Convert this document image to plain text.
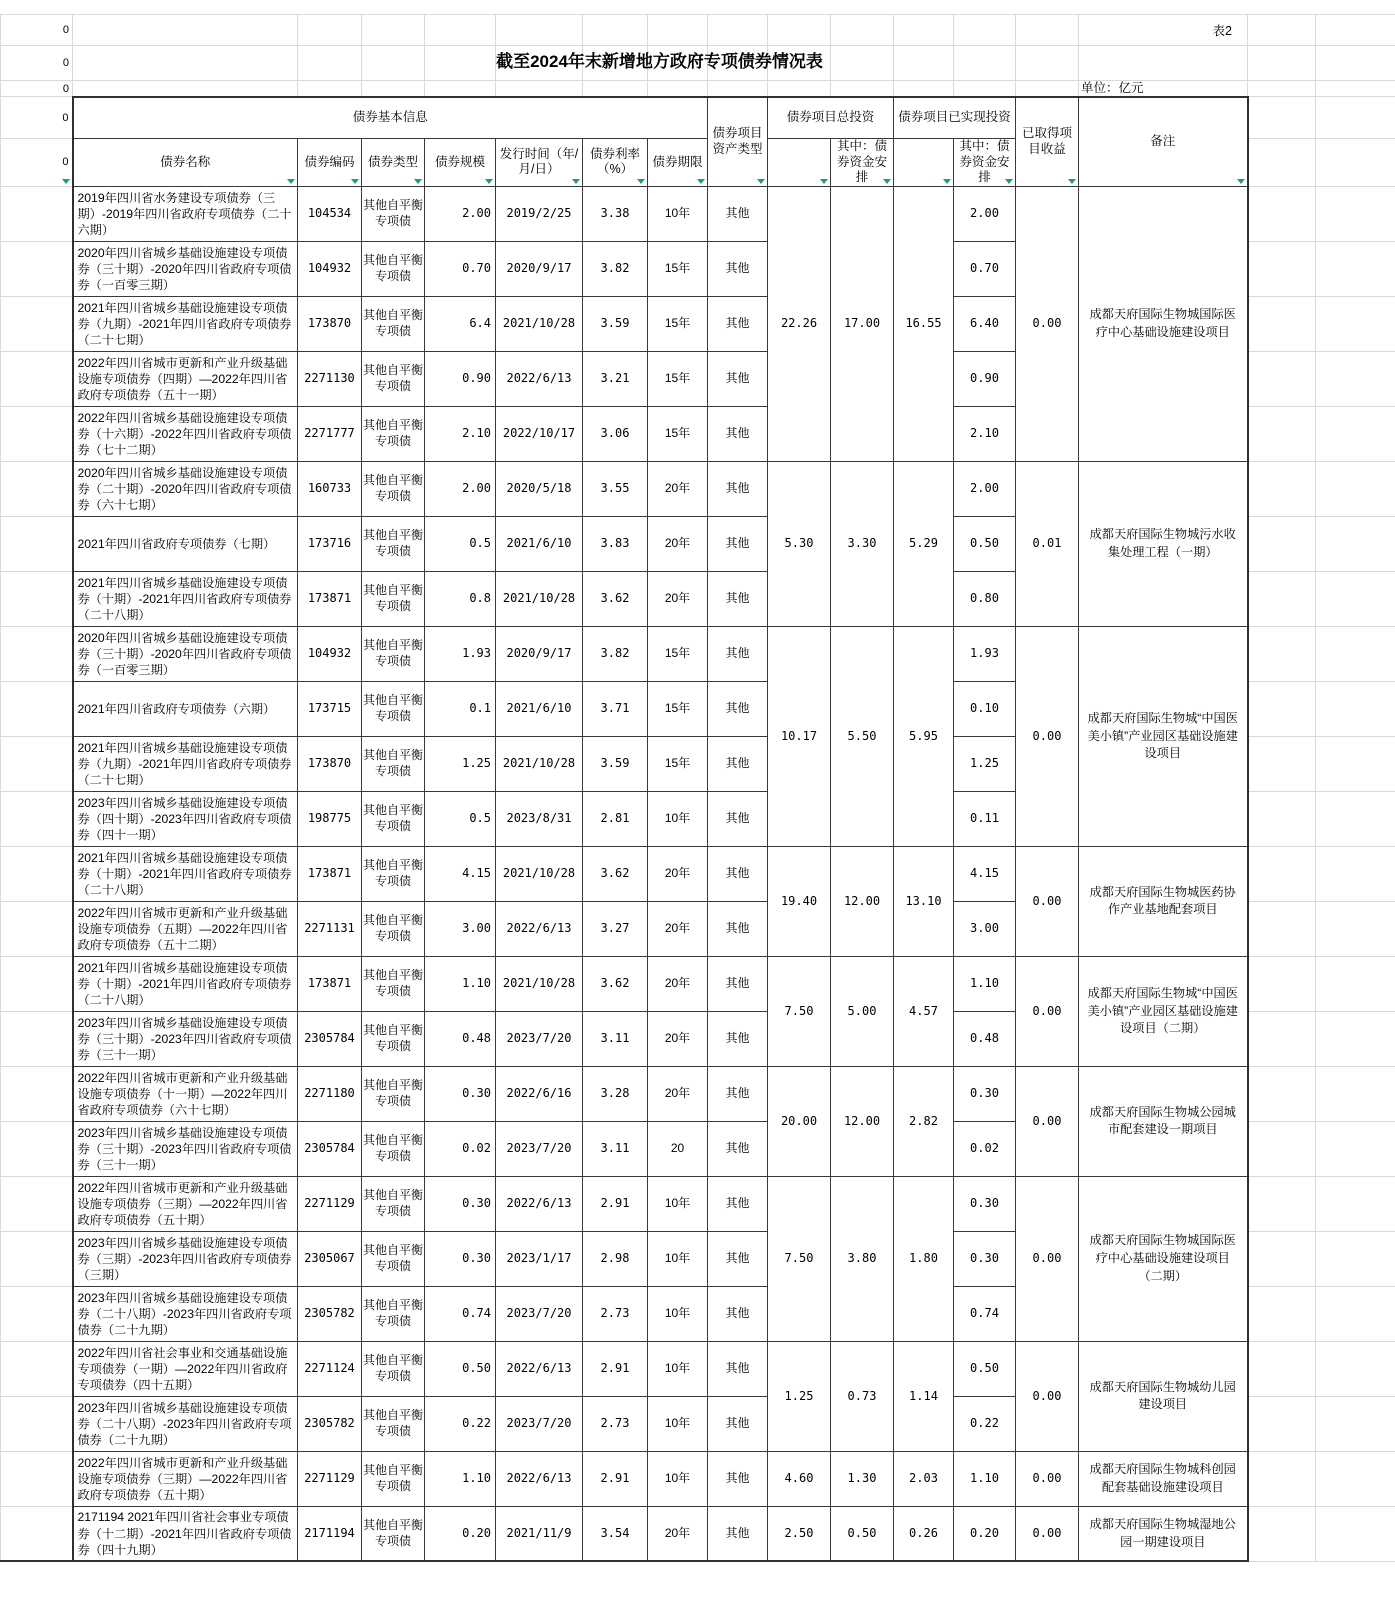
0														表2		
0																
0														单位：亿元		
0	债券基本信息							债券项目资产类型	债券项目总投资		债券项目已实现投资		已取得项目收益	备注

0	债券名称	债券编码	债券类型	债券规模	发行时间（年/月/日）	债券利率（%）	债券期限			其中：债券资金安排		其中：债券资金安排		

	2019年四川省水务建设专项债券（三期）-2019年四川省政府专项债券（二十六期）	104534	其他自平衡专项债	2.00	2019/2/25	3.38	10年	其他	22.26	17.00	16.55	2.00	0.00	成都天府国际生物城国际医疗中心基础设施建设项目		
	2020年四川省城乡基础设施建设专项债券（三十期）-2020年四川省政府专项债券（一百零三期）	104932	其他自平衡专项债	0.70	2020/9/17	3.82	15年	其他				0.70				
	2021年四川省城乡基础设施建设专项债券（九期）-2021年四川省政府专项债券（二十七期）	173870	其他自平衡专项债	6.4	2021/10/28	3.59	15年	其他				6.40				
	2022年四川省城市更新和产业升级基础设施专项债券（四期）—2022年四川省政府专项债券（五十一期）	2271130	其他自平衡专项债	0.90	2022/6/13	3.21	15年	其他				0.90				
	2022年四川省城乡基础设施建设专项债券（十六期）-2022年四川省政府专项债券（七十二期）	2271777	其他自平衡专项债	2.10	2022/10/17	3.06	15年	其他				2.10				
	2020年四川省城乡基础设施建设专项债券（二十期）-2020年四川省政府专项债券（六十七期）	160733	其他自平衡专项债	2.00	2020/5/18	3.55	20年	其他	5.30	3.30	5.29	2.00	0.01	成都天府国际生物城污水收集处理工程（一期）		
	2021年四川省政府专项债券（七期）	173716	其他自平衡专项债	0.5	2021/6/10	3.83	20年	其他				0.50				
	2021年四川省城乡基础设施建设专项债券（十期）-2021年四川省政府专项债券（二十八期）	173871	其他自平衡专项债	0.8	2021/10/28	3.62	20年	其他				0.80				
	2020年四川省城乡基础设施建设专项债券（三十期）-2020年四川省政府专项债券（一百零三期）	104932	其他自平衡专项债	1.93	2020/9/17	3.82	15年	其他	10.17	5.50	5.95	1.93	0.00	成都天府国际生物城“中国医美小镇”产业园区基础设施建设项目		
	2021年四川省政府专项债券（六期）	173715	其他自平衡专项债	0.1	2021/6/10	3.71	15年	其他				0.10				
	2021年四川省城乡基础设施建设专项债券（九期）-2021年四川省政府专项债券（二十七期）	173870	其他自平衡专项债	1.25	2021/10/28	3.59	15年	其他				1.25				
	2023年四川省城乡基础设施建设专项债券（四十期）-2023年四川省政府专项债券（四十一期）	198775	其他自平衡专项债	0.5	2023/8/31	2.81	10年	其他				0.11				
	2021年四川省城乡基础设施建设专项债券（十期）-2021年四川省政府专项债券（二十八期）	173871	其他自平衡专项债	4.15	2021/10/28	3.62	20年	其他	19.40	12.00	13.10	4.15	0.00	成都天府国际生物城医药协作产业基地配套项目		
	2022年四川省城市更新和产业升级基础设施专项债券（五期）—2022年四川省政府专项债券（五十二期）	2271131	其他自平衡专项债	3.00	2022/6/13	3.27	20年	其他				3.00				
	2021年四川省城乡基础设施建设专项债券（十期）-2021年四川省政府专项债券（二十八期）	173871	其他自平衡专项债	1.10	2021/10/28	3.62	20年	其他	7.50	5.00	4.57	1.10	0.00	成都天府国际生物城“中国医美小镇”产业园区基础设施建设项目（二期）		
	2023年四川省城乡基础设施建设专项债券（三十期）-2023年四川省政府专项债券（三十一期）	2305784	其他自平衡专项债	0.48	2023/7/20	3.11	20年	其他				0.48				
	2022年四川省城市更新和产业升级基础设施专项债券（十一期）—2022年四川省政府专项债券（六十七期）	2271180	其他自平衡专项债	0.30	2022/6/16	3.28	20年	其他	20.00	12.00	2.82	0.30	0.00	成都天府国际生物城公园城市配套建设一期项目		
	2023年四川省城乡基础设施建设专项债券（三十期）-2023年四川省政府专项债券（三十一期）	2305784	其他自平衡专项债	0.02	2023/7/20	3.11	20	其他				0.02				
	2022年四川省城市更新和产业升级基础设施专项债券（三期）—2022年四川省政府专项债券（五十期）	2271129	其他自平衡专项债	0.30	2022/6/13	2.91	10年	其他	7.50	3.80	1.80	0.30	0.00	成都天府国际生物城国际医疗中心基础设施建设项目（二期）		
	2023年四川省城乡基础设施建设专项债券（三期）-2023年四川省政府专项债券（三期）	2305067	其他自平衡专项债	0.30	2023/1/17	2.98	10年	其他				0.30				
	2023年四川省城乡基础设施建设专项债券（二十八期）-2023年四川省政府专项债券（二十九期）	2305782	其他自平衡专项债	0.74	2023/7/20	2.73	10年	其他				0.74				
	2022年四川省社会事业和交通基础设施专项债券（一期）—2022年四川省政府专项债券（四十五期）	2271124	其他自平衡专项债	0.50	2022/6/13	2.91	10年	其他	1.25	0.73	1.14	0.50	0.00	成都天府国际生物城幼儿园建设项目		
	2023年四川省城乡基础设施建设专项债券（二十八期）-2023年四川省政府专项债券（二十九期）	2305782	其他自平衡专项债	0.22	2023/7/20	2.73	10年	其他				0.22				
	2022年四川省城市更新和产业升级基础设施专项债券（三期）—2022年四川省政府专项债券（五十期）	2271129	其他自平衡专项债	1.10	2022/6/13	2.91	10年	其他	4.60	1.30	2.03	1.10	0.00	成都天府国际生物城科创园配套基础设施建设项目		
	2171194 2021年四川省社会事业专项债券（十二期）-2021年四川省政府专项债券（四十九期）	2171194	其他自平衡专项债	0.20	2021/11/9	3.54	20年	其他	2.50	0.50	0.26	0.20	0.00	成都天府国际生物城湿地公园一期建设项目		
截至2024年末新增地方政府专项债券情况表
